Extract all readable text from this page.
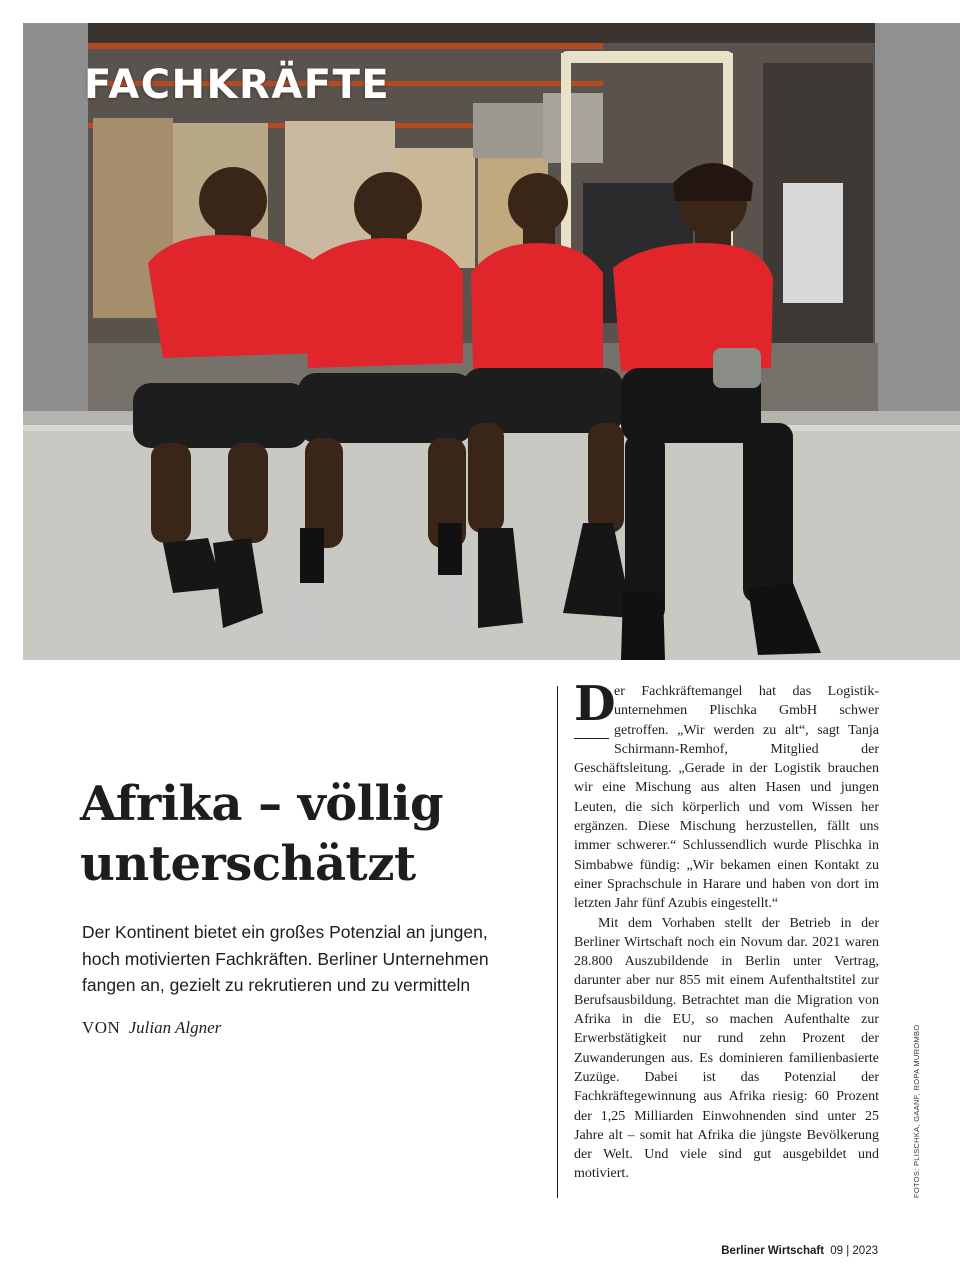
FACHKRÄFTE
Afrika – völlig
unterschätzt

Der Kontinent bietet ein großes Potenzial an jungen,
hoch motivierten Fachkräften. Berliner Unternehmen
fangen an, gezielt zu rekrutieren und zu vermitteln

VON Julian Algner

D

er Fachkräftemangel hat das Logistikunternehmen Plischka GmbH schwer getroffen. „Wir werden zu alt“, sagt Tanja Schirmann-Remhof, Mitglied der Geschäftsleitung. „Gerade in der Logistik brauchen wir eine Mischung aus alten Hasen und jungen Leuten, die sich körperlich und vom Wissen her ergänzen. Diese Mischung herzustellen, fällt uns immer schwerer.“ Schlussendlich wurde Plischka in Simbabwe fündig: „Wir bekamen einen Kontakt zu einer Sprachschule in Harare und haben von dort im letzten Jahr fünf Azubis eingestellt.“

Mit dem Vorhaben stellt der Betrieb in der Berliner Wirtschaft noch ein Novum dar. 2021 waren 28.800 Auszubildende in Berlin unter Vertrag, darunter aber nur 855 mit einem Aufenthaltstitel zur Berufsausbildung. Betrachtet man die Migration von Afrika in die EU, so machen Aufenthalte zur Erwerbstätigkeit nur rund zehn Prozent der Zuwanderungen aus. Es dominieren familienbasierte Zuzüge. Dabei ist das Potenzial der Fachkräftegewinnung aus Afrika riesig: 60 Prozent der 1,25 Milliarden Einwohnenden sind unter 25 Jahre alt – somit hat Afrika die jüngste Bevölkerung der Welt. Und viele sind gut ausgebildet und motiviert.	FOTOS: PLISCHKA, GAANF, ROPA MUROMBO

Berliner Wirtschaft 09 | 2023
